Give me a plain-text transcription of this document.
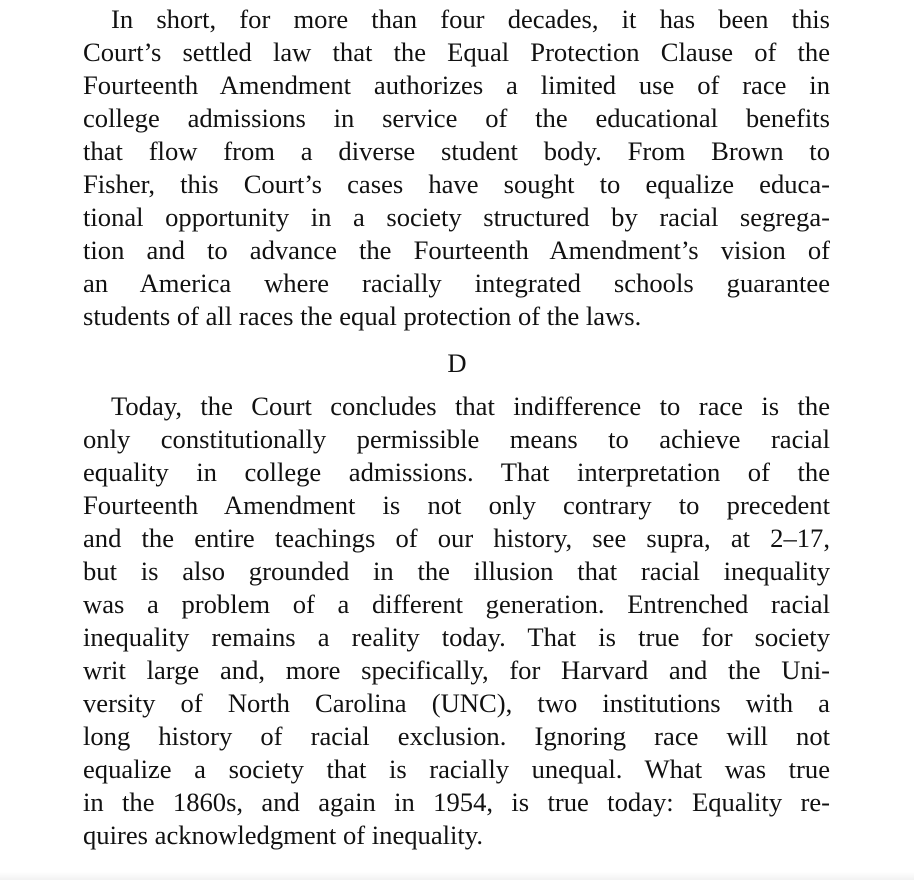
In short, for more than four decades, it has been this
Court’s settled law that the Equal Protection Clause of the
Fourteenth Amendment authorizes a limited use of race in
college admissions in service of the educational benefits
that flow from a diverse student body. From Brown to
Fisher, this Court’s cases have sought to equalize educa-
tional opportunity in a society structured by racial segrega-
tion and to advance the Fourteenth Amendment’s vision of
an America where racially integrated schools guarantee
students of all races the equal protection of the laws.
D
Today, the Court concludes that indifference to race is the
only constitutionally permissible means to achieve racial
equality in college admissions. That interpretation of the
Fourteenth Amendment is not only contrary to precedent
and the entire teachings of our history, see supra, at 2–17,
but is also grounded in the illusion that racial inequality
was a problem of a different generation. Entrenched racial
inequality remains a reality today. That is true for society
writ large and, more specifically, for Harvard and the Uni-
versity of North Carolina (UNC), two institutions with a
long history of racial exclusion. Ignoring race will not
equalize a society that is racially unequal. What was true
in the 1860s, and again in 1954, is true today: Equality re-
quires acknowledgment of inequality.
